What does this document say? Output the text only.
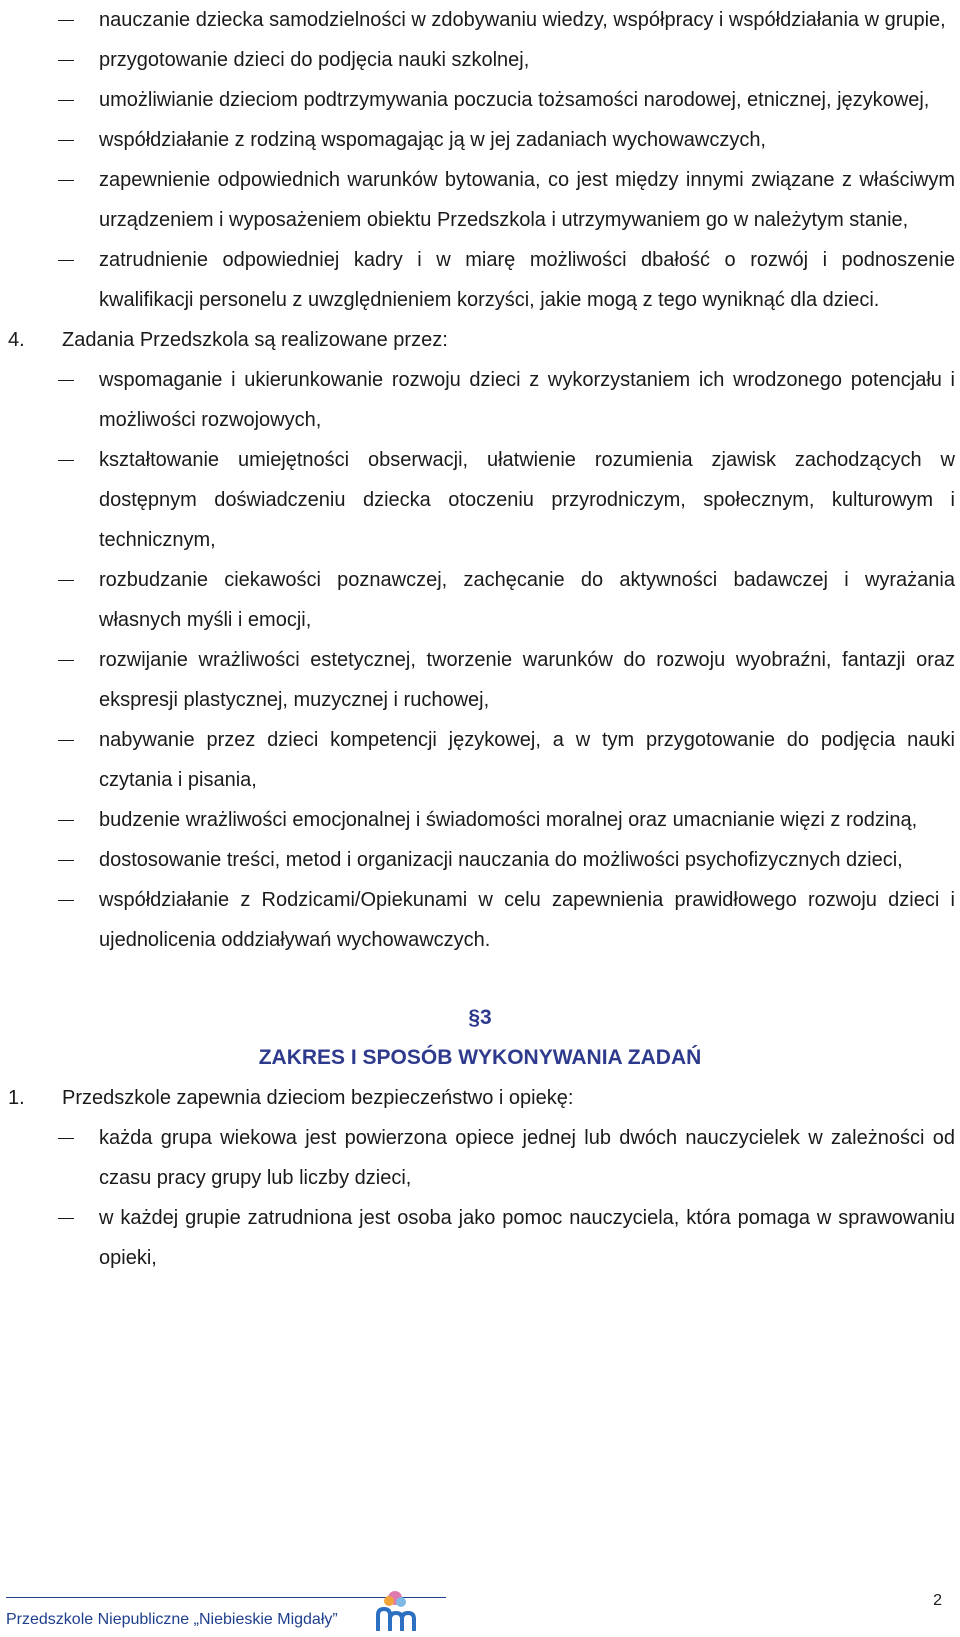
nauczanie dziecka samodzielności w zdobywaniu wiedzy, współpracy i współdziałania w grupie,
przygotowanie dzieci do podjęcia nauki szkolnej,
umożliwianie dzieciom podtrzymywania poczucia tożsamości narodowej, etnicznej, językowej,
współdziałanie z rodziną wspomagając ją w jej zadaniach wychowawczych,
zapewnienie odpowiednich warunków bytowania, co jest między innymi związane z właściwym urządzeniem i wyposażeniem obiektu Przedszkola i utrzymywaniem go w należytym stanie,
zatrudnienie odpowiedniej kadry i w miarę możliwości dbałość o rozwój i podnoszenie kwalifikacji personelu z uwzględnieniem korzyści, jakie mogą z tego wyniknąć dla dzieci.
4. Zadania Przedszkola są realizowane przez:
wspomaganie i ukierunkowanie rozwoju dzieci z wykorzystaniem ich wrodzonego potencjału i możliwości rozwojowych,
kształtowanie umiejętności obserwacji, ułatwienie rozumienia zjawisk zachodzących w dostępnym doświadczeniu dziecka otoczeniu przyrodniczym, społecznym, kulturowym i technicznym,
rozbudzanie ciekawości poznawczej, zachęcanie do aktywności badawczej i wyrażania własnych myśli i emocji,
rozwijanie wrażliwości estetycznej, tworzenie warunków do rozwoju wyobraźni, fantazji oraz ekspresji plastycznej, muzycznej i ruchowej,
nabywanie przez dzieci kompetencji językowej, a w tym przygotowanie do podjęcia nauki czytania i pisania,
budzenie wrażliwości emocjonalnej i świadomości moralnej oraz umacnianie więzi z rodziną,
dostosowanie treści, metod i organizacji nauczania do możliwości psychofizycznych dzieci,
współdziałanie z Rodzicami/Opiekunami w celu zapewnienia prawidłowego rozwoju dzieci i ujednolicenia oddziaływań wychowawczych.
§3
ZAKRES I SPOSÓB WYKONYWANIA ZADAŃ
1. Przedszkole zapewnia dzieciom bezpieczeństwo i opiekę:
każda grupa wiekowa jest powierzona opiece jednej lub dwóch nauczycielek w zależności od czasu pracy grupy lub liczby dzieci,
w każdej grupie zatrudniona jest osoba jako pomoc nauczyciela, która pomaga w sprawowaniu opieki,
Przedszkole Niepubliczne „Niebieskie Migdały”
2
